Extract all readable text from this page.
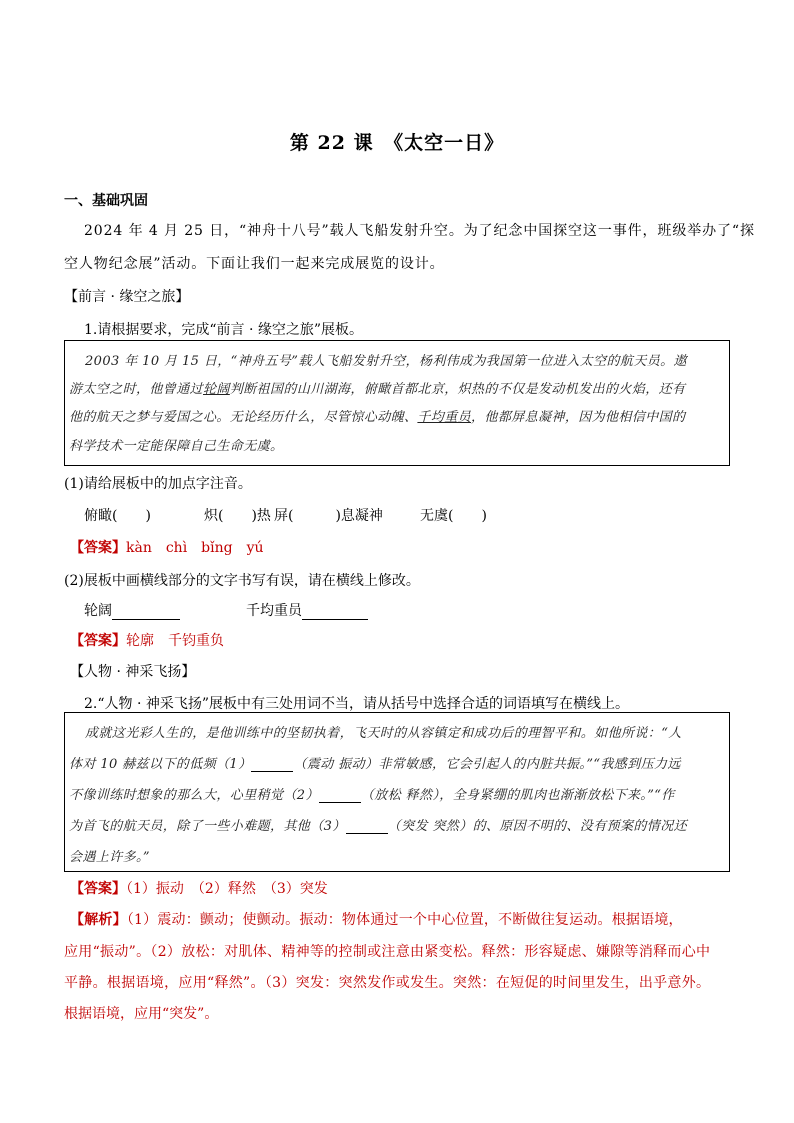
第 22 课　《太空一日》
一、基础巩固
2024 年 4 月 25 日，“神舟十八号”载人飞船发射升空。为了纪念中国探空这一事件，班级举办了“探
空人物纪念展”活动。下面让我们一起来完成展览的设计。
【前言 · 缘空之旅】
1.请根据要求，完成“前言 · 缘空之旅”展板。
2003 年 10 月 15 日，“神舟五号”载人飞船发射升空，杨利伟成为我国第一位进入太空的航天员。遨
游太空之时，他曾通过轮阔判断祖国的山川湖海，俯瞰首都北京，炽热的不仅是发动机发出的火焰，还有
他的航天之梦与爱国之心。无论经历什么，尽管惊心动魄、千均重员，他都屏息凝神，因为他相信中国的
科学技术一定能保障自己生命无虞。
(1)请给展板中的加点字注音。
俯瞰(　　)	炽(　　)热 屏(　　　)息凝神	无虞(　　)
【答案】kàn　chì　bǐng　yú
(2)展板中画横线部分的文字书写有误，请在横线上修改。
轮阔	千均重员
【答案】轮廓　千钧重负
【人物 · 神采飞扬】
2.“人物 · 神采飞扬”展板中有三处用词不当，请从括号中选择合适的词语填写在横线上。
成就这光彩人生的，是他训练中的坚韧执着，飞天时的从容镇定和成功后的理智平和。如他所说：“人
体对 10 赫兹以下的低频（1）	（震动 振动）非常敏感，它会引起人的内脏共振。”“我感到压力远
不像训练时想象的那么大，心里稍觉（2）	（放松 释然），全身紧绷的肌肉也渐渐放松下来。”“作
为首飞的航天员，除了一些小难题，其他（3）	（突发 突然）的、原因不明的、没有预案的情况还
会遇上许多。”
【答案】（1）振动　（2）释然　（3）突发
【解析】（1）震动：颤动；使颤动。振动：物体通过一个中心位置，不断做往复运动。根据语境，
应用“振动”。（2）放松：对肌体、精神等的控制或注意由紧变松。释然：形容疑虑、嫌隙等消释而心中
平静。根据语境，应用“释然”。（3）突发：突然发作或发生。突然：在短促的时间里发生，出乎意外。
根据语境，应用“突发”。
